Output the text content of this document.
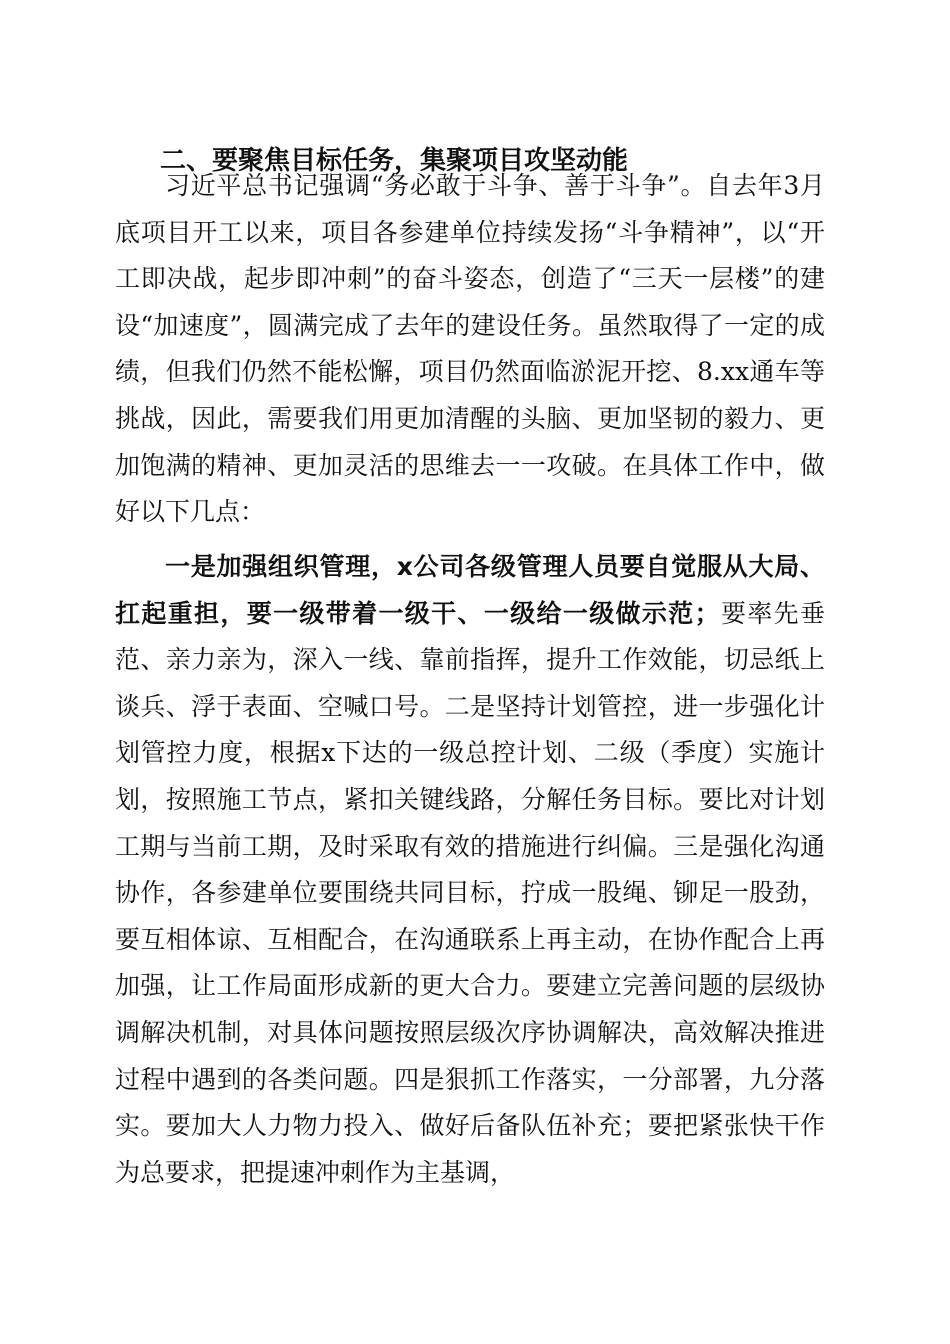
二、要聚焦目标任务，集聚项目攻坚动能

习近平总书记强调“务必敢于斗争、善于斗争”。自去年3月底项目开工以来，项目各参建单位持续发扬“斗争精神”，以“开工即决战，起步即冲刺”的奋斗姿态，创造了“三天一层楼”的建设“加速度”，圆满完成了去年的建设任务。虽然取得了一定的成绩，但我们仍然不能松懈，项目仍然面临淤泥开挖、8.xx通车等挑战，因此，需要我们用更加清醒的头脑、更加坚韧的毅力、更加饱满的精神、更加灵活的思维去一一攻破。在具体工作中，做好以下几点：

一是加强组织管理，x公司各级管理人员要自觉服从大局、扛起重担，要一级带着一级干、一级给一级做示范；要率先垂范、亲力亲为，深入一线、靠前指挥，提升工作效能，切忌纸上谈兵、浮于表面、空喊口号。二是坚持计划管控，进一步强化计划管控力度，根据x下达的一级总控计划、二级（季度）实施计划，按照施工节点，紧扣关键线路，分解任务目标。要比对计划工期与当前工期，及时采取有效的措施进行纠偏。三是强化沟通协作，各参建单位要围绕共同目标，拧成一股绳、铆足一股劲，要互相体谅、互相配合，在沟通联系上再主动，在协作配合上再加强，让工作局面形成新的更大合力。要建立完善问题的层级协调解决机制，对具体问题按照层级次序协调解决，高效解决推进过程中遇到的各类问题。四是狠抓工作落实，一分部署，九分落实。要加大人力物力投入、做好后备队伍补充；要把紧张快干作为总要求，把提速冲刺作为主基调，
